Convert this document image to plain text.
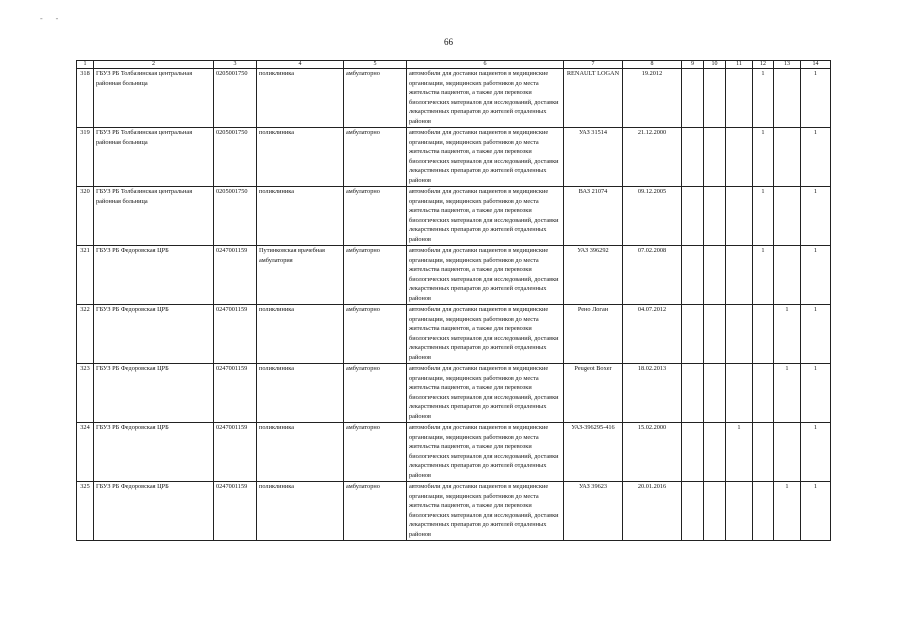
-  -
66
1	2	3	4	5	6	7	8	9	10	11	12	13	14
318	ГБУЗ РБ Толбазинская центральная районная больница	0205001750	поликлиника	амбулаторно	автомобили для доставки пациентов в медицинские организации, медицинских работников до места жительства пациентов, а также для перевозки биологических материалов для исследований, доставки лекарственных препаратов до жителей отдаленных районов	RENAULT LOGAN	19.2012				1		1
319	ГБУЗ РБ Толбазинская центральная районная больница	0205001750	поликлиника	амбулаторно	автомобили для доставки пациентов в медицинские организации, медицинских работников до места жительства пациентов, а также для перевозки биологических материалов для исследований, доставки лекарственных препаратов до жителей отдаленных районов	УАЗ 31514	21.12.2000				1		1
320	ГБУЗ РБ Толбазинская центральная районная больница	0205001750	поликлиника	амбулаторно	автомобили для доставки пациентов в медицинские организации, медицинских работников до места жительства пациентов, а также для перевозки биологических материалов для исследований, доставки лекарственных препаратов до жителей отдаленных районов	ВАЗ 21074	09.12.2005				1		1
321	ГБУЗ РБ Федоровская ЦРБ	0247001159	Путинковская врачебная амбулатория	амбулаторно	автомобили для доставки пациентов в медицинские организации, медицинских работников до места жительства пациентов, а также для перевозки биологических материалов для исследований, доставки лекарственных препаратов до жителей отдаленных районов	УАЗ 396292	07.02.2008				1		1
322	ГБУЗ РБ Федоровская ЦРБ	0247001159	поликлиника	амбулаторно	автомобили для доставки пациентов в медицинские организации, медицинских работников до места жительства пациентов, а также для перевозки биологических материалов для исследований, доставки лекарственных препаратов до жителей отдаленных районов	Рено Логан	04.07.2012					1	1
323	ГБУЗ РБ Федоровская ЦРБ	0247001159	поликлиника	амбулаторно	автомобили для доставки пациентов в медицинские организации, медицинских работников до места жительства пациентов, а также для перевозки биологических материалов для исследований, доставки лекарственных препаратов до жителей отдаленных районов	Peugeot Boxer	18.02.2013					1	1
324	ГБУЗ РБ Федоровская ЦРБ	0247001159	поликлиника	амбулаторно	автомобили для доставки пациентов в медицинские организации, медицинских работников до места жительства пациентов, а также для перевозки биологических материалов для исследований, доставки лекарственных препаратов до жителей отдаленных районов	УАЗ-396295-416	15.02.2000			1			1
325	ГБУЗ РБ Федоровская ЦРБ	0247001159	поликлиника	амбулаторно	автомобили для доставки пациентов в медицинские организации, медицинских работников до места жительства пациентов, а также для перевозки биологических материалов для исследований, доставки лекарственных препаратов до жителей отдаленных районов	УАЗ 39623	20.01.2016					1	1
